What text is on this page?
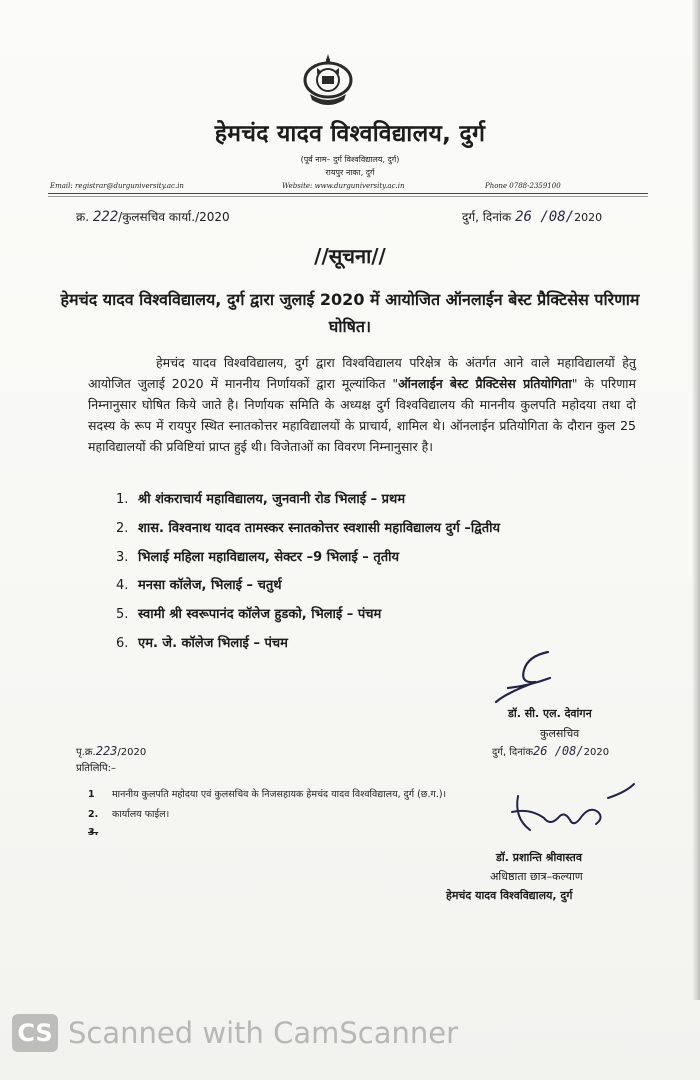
हेमचंद यादव विश्वविद्यालय, दुर्ग
(पूर्व नाम– दुर्ग विश्वविद्यालय, दुर्ग)
रायपुर नाका, दुर्ग
Email: registrar@durguniversity.ac.in	Website: www.durguniversity.ac.in	Phone 0788-2359100
क्र. 222/कुलसचिव कार्या./2020	दुर्ग, दिनांक 26 /08/2020
//सूचना//
हेमचंद यादव विश्वविद्यालय, दुर्ग द्वारा जुलाई 2020 में आयोजित ऑनलाईन बेस्ट प्रैक्टिसेस परिणाम घोषित।
हेमचंद यादव विश्वविद्यालय, दुर्ग द्वारा विश्वविद्यालय परिक्षेत्र के अंतर्गत आने वाले महाविद्यालयों हेतु आयोजित जुलाई 2020 में माननीय निर्णायकों द्वारा मूल्यांकित "ऑनलाईन बेस्ट प्रैक्टिसेस प्रतियोगिता" के परिणाम निम्नानुसार घोषित किये जाते है। निर्णायक समिति के अध्यक्ष दुर्ग विश्वविद्यालय की माननीय कुलपति महोदया तथा दो सदस्य के रूप में रायपुर स्थित स्नातकोत्तर महाविद्यालयों के प्राचार्य, शामिल थे। ऑनलाईन प्रतियोगिता के दौरान कुल 25 महाविद्यालयों की प्रविष्टियां प्राप्त हुई थी। विजेताओं का विवरण निम्नानुसार है।
1. श्री शंकराचार्य महाविद्यालय, जुनवानी रोड भिलाई – प्रथम
2. शास. विश्वनाथ यादव तामस्कर स्नातकोत्तर स्वशासी महाविद्यालय दुर्ग –द्वितीय
3. भिलाई महिला महाविद्यालय, सेक्टर –9 भिलाई – तृतीय
4. मनसा कॉलेज, भिलाई – चतुर्थ
5. स्वामी श्री स्वरूपानंद कॉलेज हुडको, भिलाई – पंचम
6. एम. जे. कॉलेज भिलाई – पंचम
डॉ. सी. एल. देवांगन
कुलसचिव
पृ.क्र.223/2020
प्रतिलिपि:–
दुर्ग, दिनांक26 /08/2020
1 माननीय कुलपति महोदया एवं कुलसचिव के निजसहायक हेमचंद यादव विश्वविद्यालय, दुर्ग (छ.ग.)।
2. कार्यालय फाईल।
3.
डॉ. प्रशान्ति श्रीवास्तव
अधिष्ठाता छात्र–कल्याण
हेमचंद यादव विश्वविद्यालय, दुर्ग
CS Scanned with CamScanner
